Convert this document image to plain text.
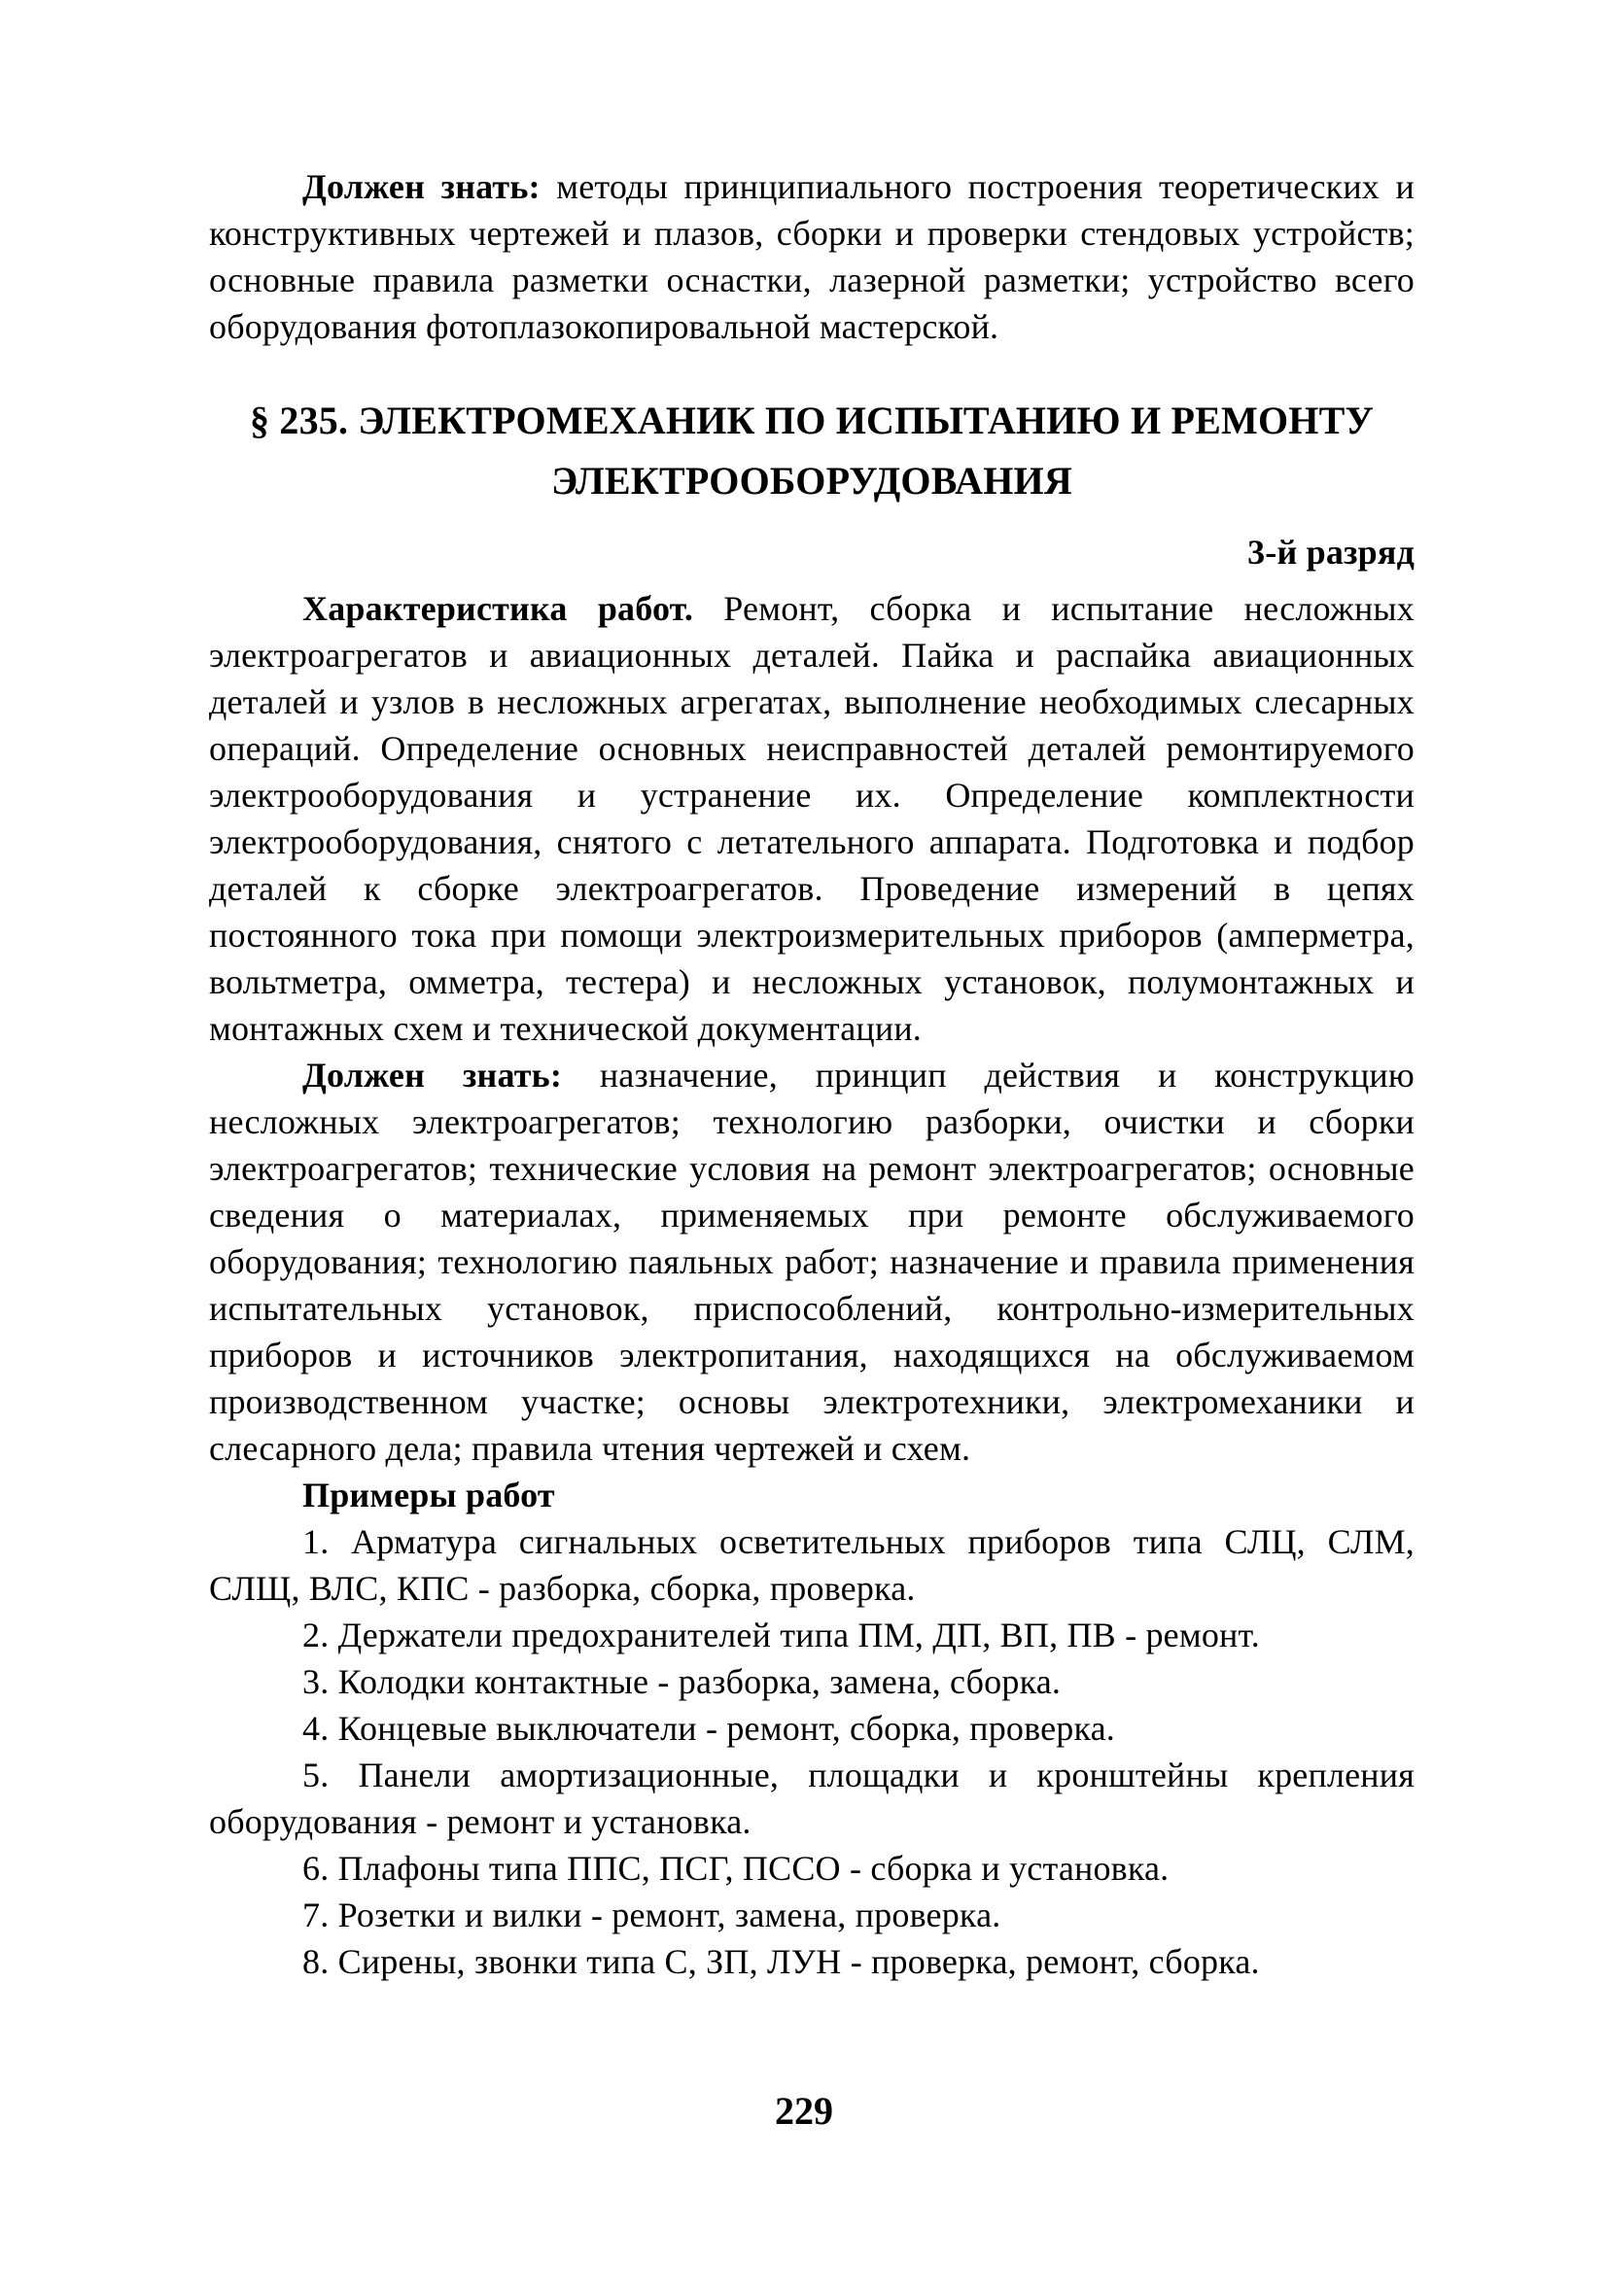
Должен знать: методы принципиального построения теоретических и конструктивных чертежей и плазов, сборки и проверки стендовых устройств; основные правила разметки оснастки, лазерной разметки; устройство всего оборудования фотоплазокопировальной мастерской.

§ 235. ЭЛЕКТРОМЕХАНИК ПО ИСПЫТАНИЮ И РЕМОНТУ
ЭЛЕКТРООБОРУДОВАНИЯ

3-й разряд

Характеристика работ. Ремонт, сборка и испытание несложных электроагрегатов и авиационных деталей. Пайка и распайка авиационных деталей и узлов в несложных агрегатах, выполнение необходимых слесарных операций. Определение основных неисправностей деталей ремонтируемого электрооборудования и устранение их. Определение комплектности электрооборудования, снятого с летательного аппарата. Подготовка и подбор деталей к сборке электроагрегатов. Проведение измерений в цепях постоянного тока при помощи электроизмерительных приборов (амперметра, вольтметра, омметра, тестера) и несложных установок, полумонтажных и монтажных схем и технической документации.

Должен знать: назначение, принцип действия и конструкцию несложных электроагрегатов; технологию разборки, очистки и сборки электроагрегатов; технические условия на ремонт электроагрегатов; основные сведения о материалах, применяемых при ремонте обслуживаемого оборудования; технологию паяльных работ; назначение и правила применения испытательных установок, приспособлений, контрольно-измерительных приборов и источников электропитания, находящихся на обслуживаемом производственном участке; основы электротехники, электромеханики и слесарного дела; правила чтения чертежей и схем.

Примеры работ

1. Арматура сигнальных осветительных приборов типа СЛЦ, СЛМ, СЛЩ, ВЛС, КПС - разборка, сборка, проверка.

2. Держатели предохранителей типа ПМ, ДП, ВП, ПВ - ремонт.

3. Колодки контактные - разборка, замена, сборка.

4. Концевые выключатели - ремонт, сборка, проверка.

5. Панели амортизационные, площадки и кронштейны крепления оборудования - ремонт и установка.

6. Плафоны типа ППС, ПСГ, ПССО - сборка и установка.

7. Розетки и вилки - ремонт, замена, проверка.

8. Сирены, звонки типа С, ЗП, ЛУН - проверка, ремонт, сборка.

229
